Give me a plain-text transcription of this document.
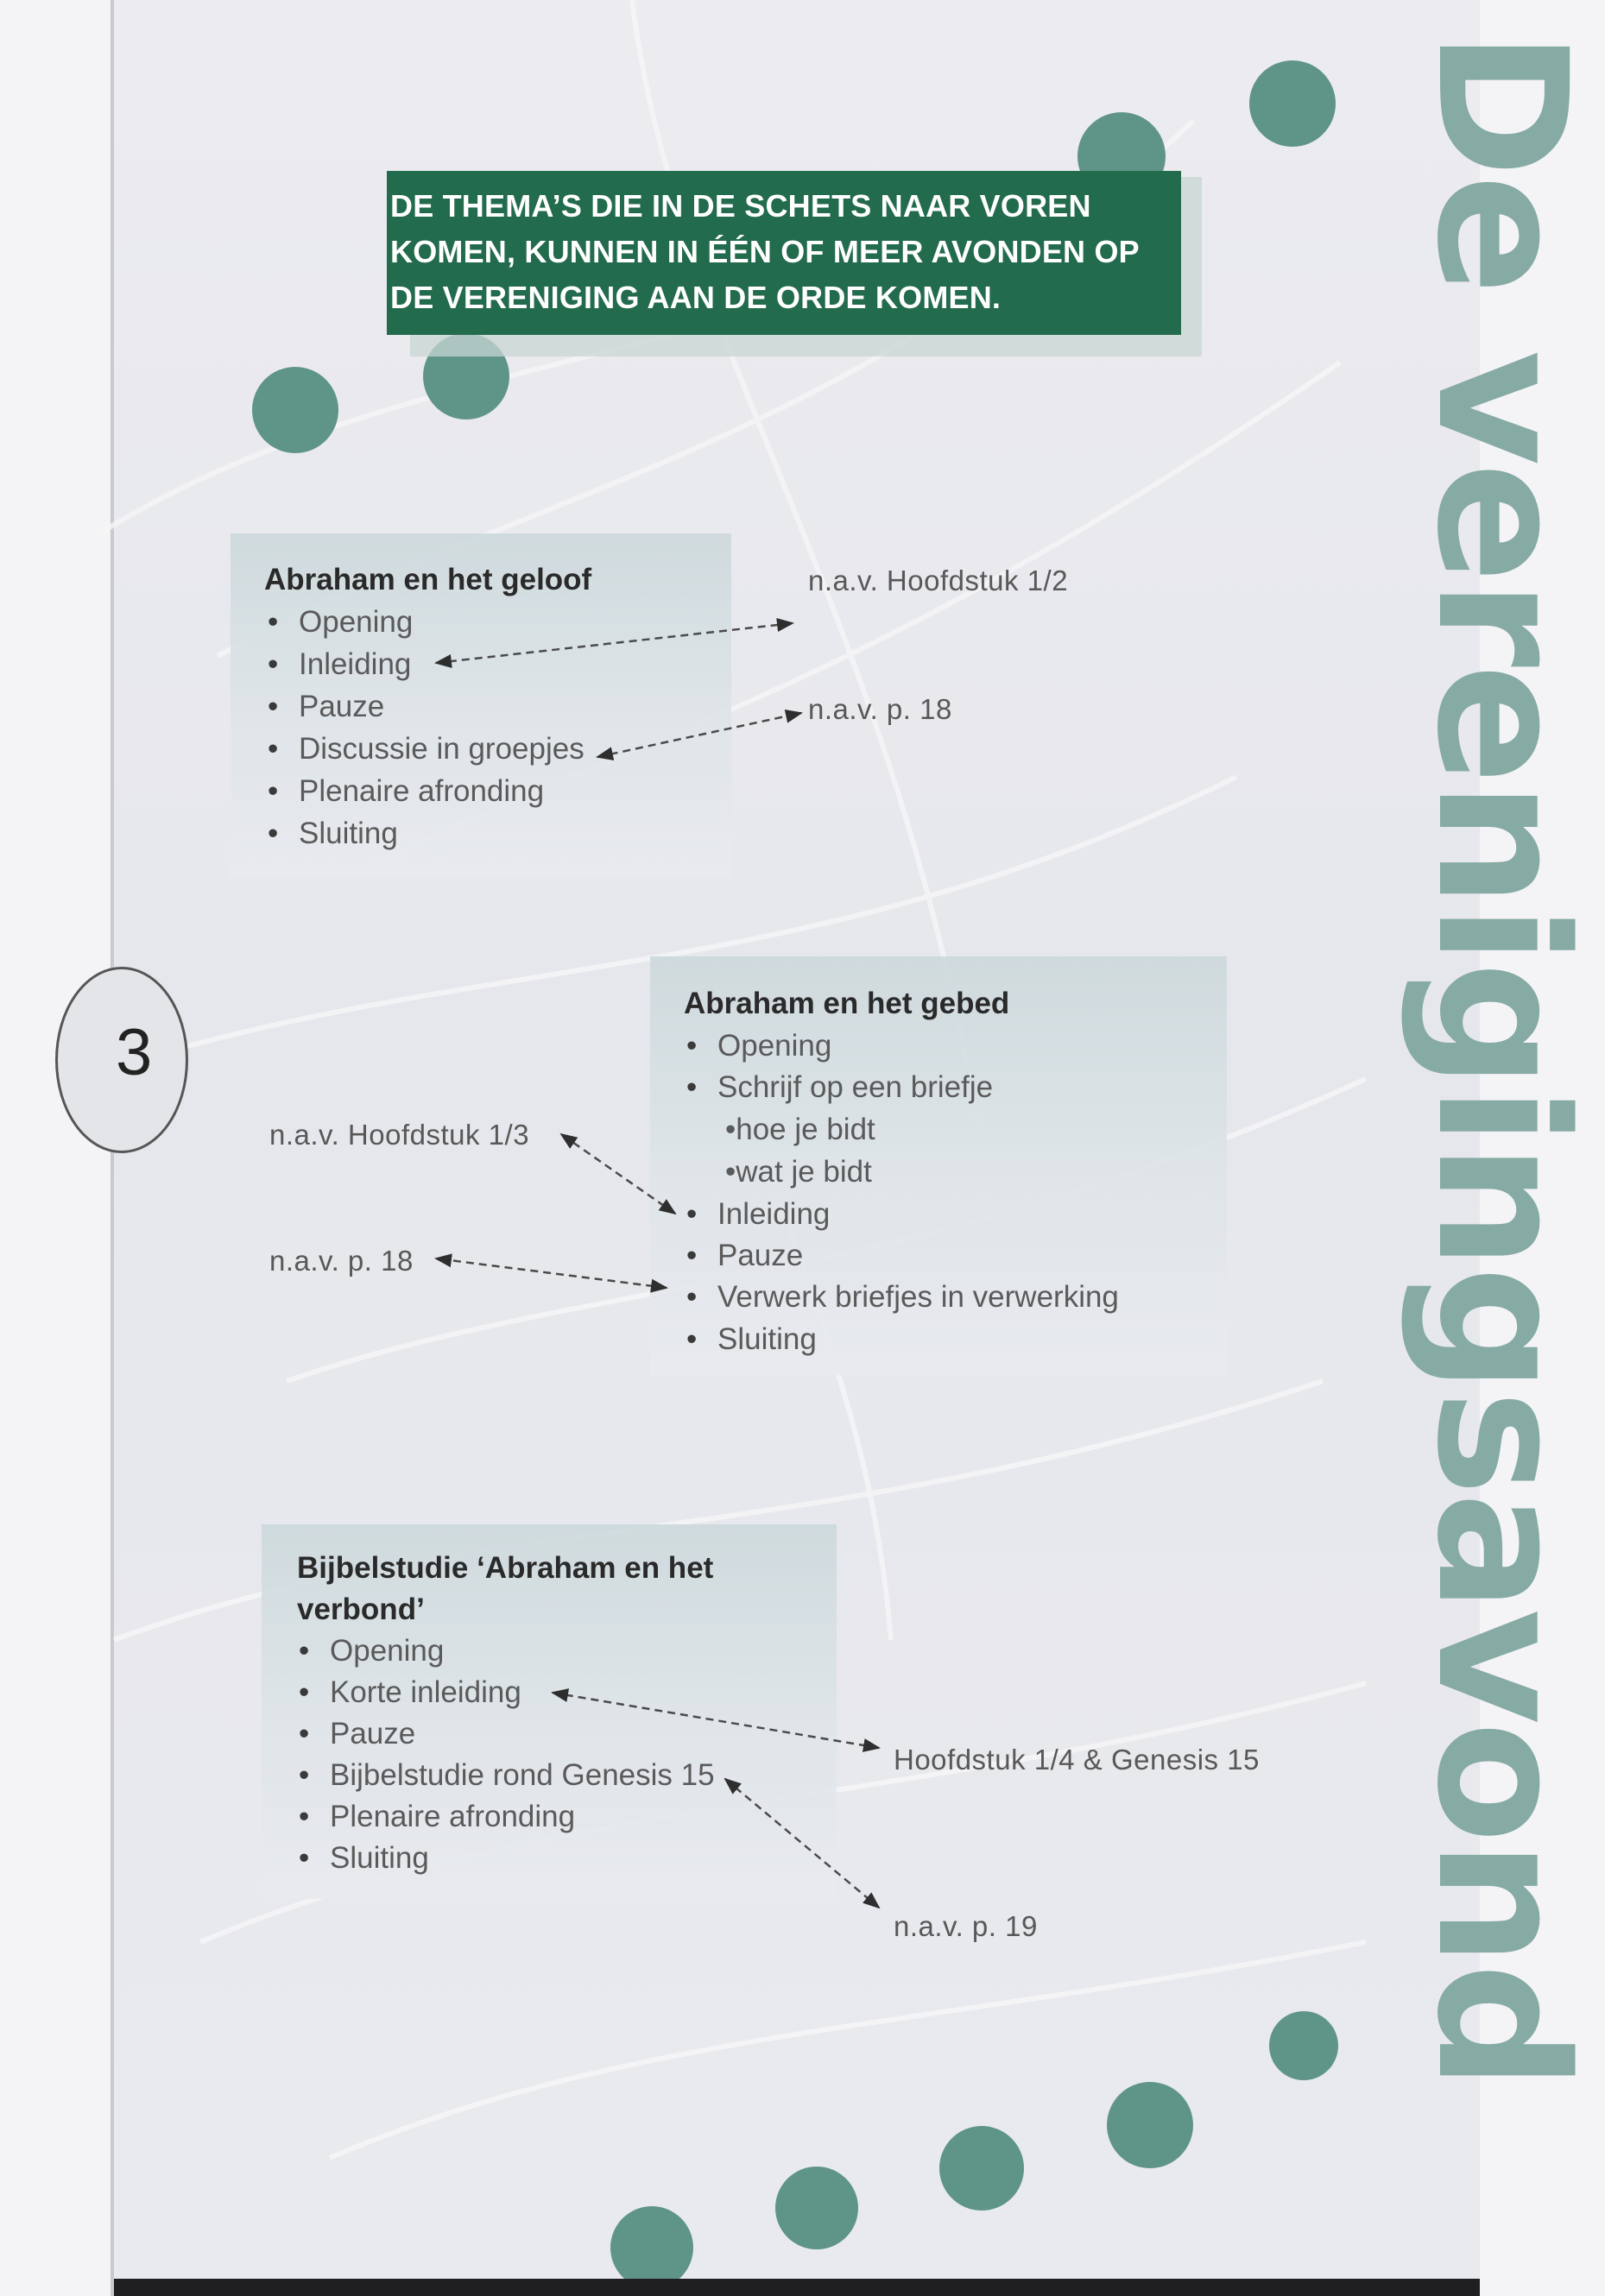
DE THEMA’S DIE IN DE SCHETS NAAR VOREN
KOMEN, KUNNEN IN ÉÉN OF MEER AVONDEN OP
DE VERENIGING AAN DE ORDE KOMEN.	De verenigingsavond
3
Abraham en het geloof
• Opening
• Inleiding
• Pauze
• Discussie in groepjes
• Plenaire afronding
• Sluiting
n.a.v. Hoofdstuk 1/2
n.a.v. p. 18
Abraham en het gebed
• Opening
• Schrijf op een briefje
•hoe je bidt
•wat je bidt
• Inleiding
• Pauze
• Verwerk briefjes in verwerking
• Sluiting
n.a.v. Hoofdstuk 1/3
n.a.v. p. 18
Bijbelstudie ‘Abraham en het
verbond’
• Opening
• Korte inleiding
• Pauze
• Bijbelstudie rond Genesis 15
• Plenaire afronding
• Sluiting
Hoofdstuk 1/4 & Genesis 15
n.a.v. p. 19
